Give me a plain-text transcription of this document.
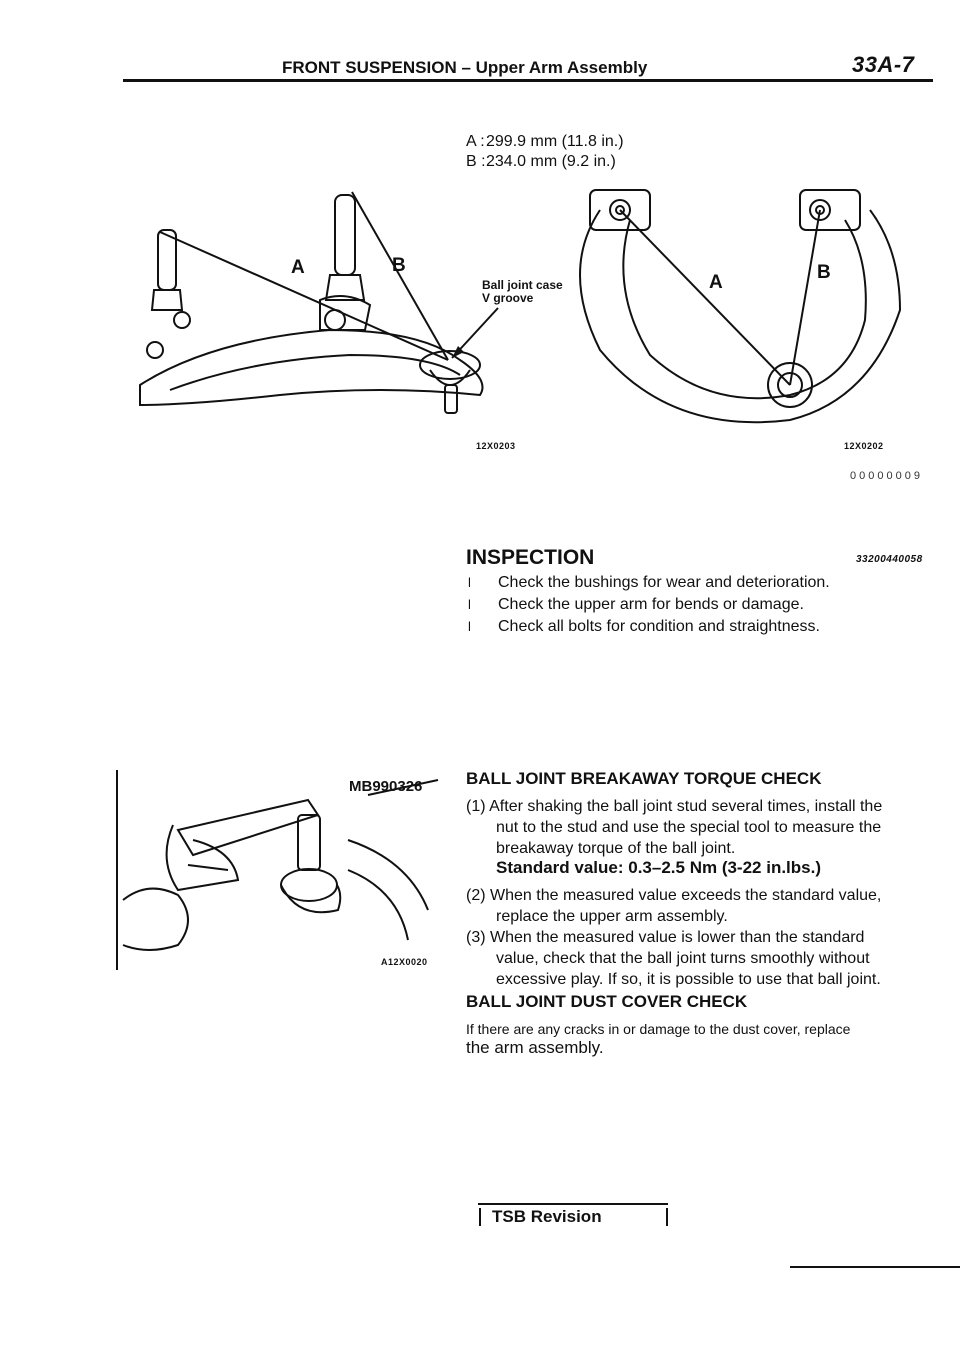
FRONT SUSPENSION – Upper Arm Assembly	33A-7
A :299.9 mm (11.8 in.)
B :234.0 mm (9.2 in.)
A	B
A	B
Ball joint case
V groove
12X0203	12X0202
00000009
INSPECTION	33200440058
l Check the bushings for wear and deterioration.
l Check the upper arm for bends or damage.
l Check all bolts for condition and straightness.
MB990326
A12X0020
BALL JOINT BREAKAWAY TORQUE CHECK
(1) After shaking the ball joint stud several times, install the
nut to the stud and use the special tool to measure the
breakaway torque of the ball joint.
Standard value: 0.3–2.5 Nm (3-22 in.lbs.)
(2) When the measured value exceeds the standard value,
replace the upper arm assembly.
(3) When the measured value is lower than the standard
value, check that the ball joint turns smoothly without
excessive play. If so, it is possible to use that ball joint.
BALL JOINT DUST COVER CHECK
If there are any cracks in or damage to the dust cover, replace
the arm assembly.
TSB Revision
